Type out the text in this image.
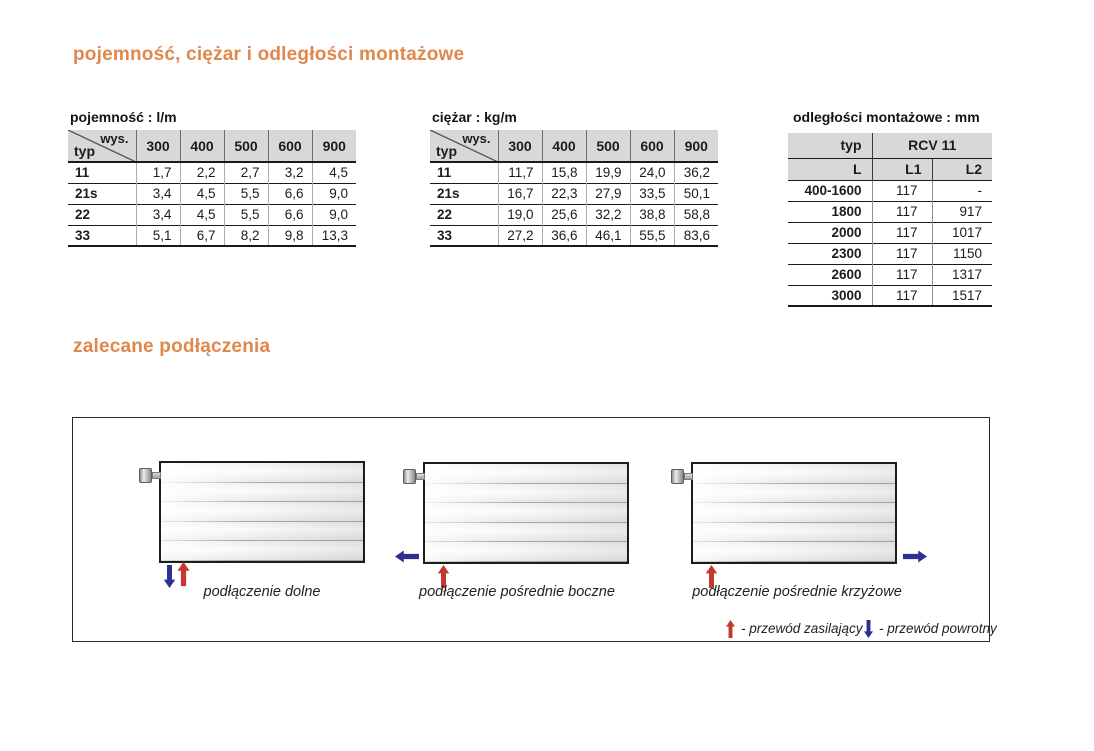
pojemność, ciężar i odległości montażowe
pojemność : l/m
wys.
typ	300	400	500	600	900
11	1,7	2,2	2,7	3,2	4,5
21s	3,4	4,5	5,5	6,6	9,0
22	3,4	4,5	5,5	6,6	9,0
33	5,1	6,7	8,2	9,8	13,3
ciężar : kg/m
wys.
typ	300	400	500	600	900
11	11,7	15,8	19,9	24,0	36,2
21s	16,7	22,3	27,9	33,5	50,1
22	19,0	25,6	32,2	38,8	58,8
33	27,2	36,6	46,1	55,5	83,6
odległości montażowe : mm
typ	RCV 11	
L	L1	L2
400-1600	117	-
1800	117	917
2000	117	1017
2300	117	1150
2600	117	1317
3000	117	1517
zalecane podłączenia
podłączenie dolne	podłączenie pośrednie boczne	podłączenie pośrednie krzyżowe
- przewód zasilający - przewód powrotny
